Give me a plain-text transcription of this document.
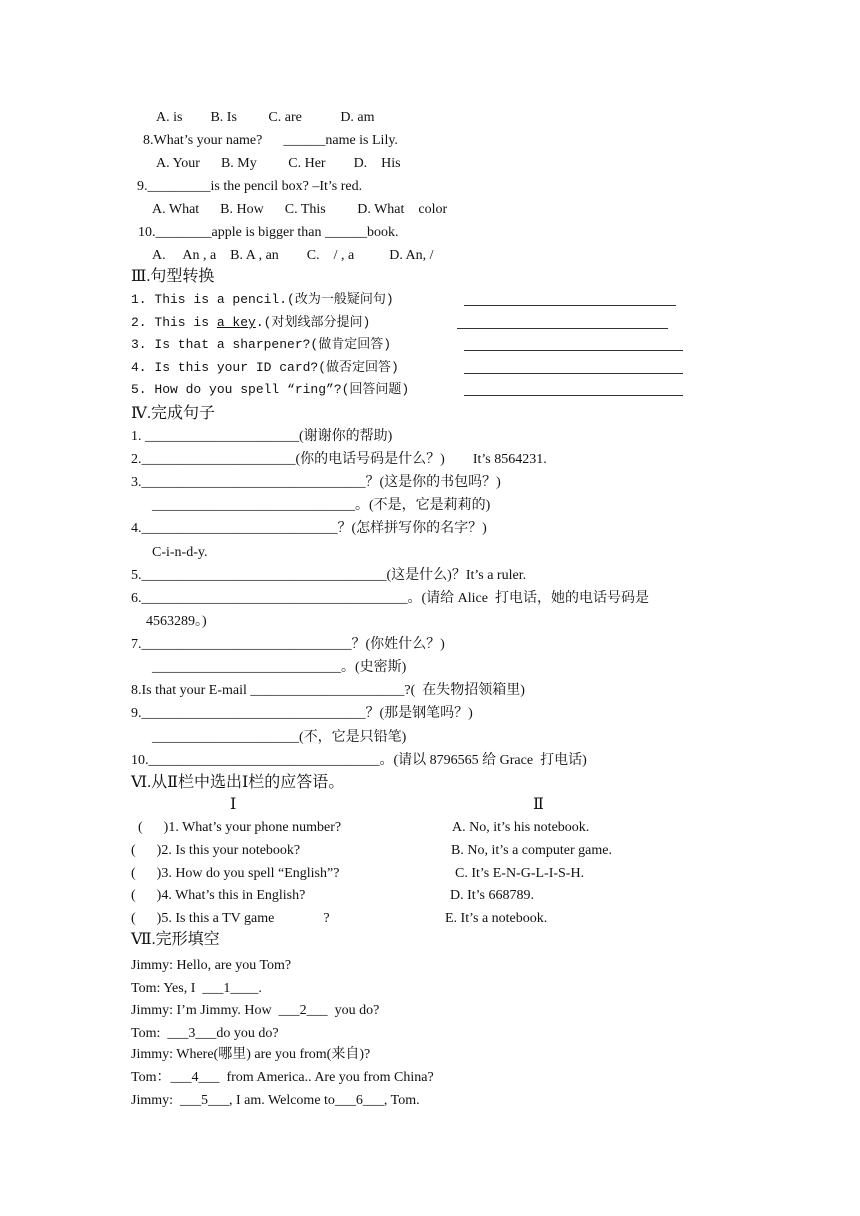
A. is        B. Is         C. are           D. am
8.What’s your name?      ______name is Lily.
A. Your      B. My         C. Her        D.    His
9._________is the pencil box? –It’s red.
A. What      B. How      C. This         D. What    color
10.________apple is bigger than ______book.
A.     An , a    B. A , an        C.    / , a          D. An, /
Ⅲ.句型转换
1. This is a pencil.(改为一般疑问句)
2. This is a key.(对划线部分提问)
3. Is that a sharpener?(做肯定回答)
4. Is this your ID card?(做否定回答)
5. How do you spell “ring”?(回答问题)
Ⅳ.完成句子
1. ______________________(谢谢你的帮助)
2.______________________(你的电话号码是什么？)        It’s 8564231.
3.________________________________？(这是你的书包吗？)
_____________________________。(不是，它是莉莉的)
4.____________________________？(怎样拼写你的名字？)
C-i-n-d-y.
5.___________________________________(这是什么)？It’s a ruler.
6.______________________________________。(请给 Alice  打电话，她的电话号码是
4563289。)
7.______________________________？(你姓什么？)
___________________________。(史密斯)
8.Is that your E-mail ______________________?(  在失物招领箱里)
9.________________________________？(那是钢笔吗？)
_____________________(不，它是只铅笔)
10._________________________________。(请以 8796565 给 Grace  打电话)
Ⅵ.从Ⅱ栏中选出Ⅰ栏的应答语。
Ⅰ	Ⅱ
(      )1. What’s your phone number?	A. No, it’s his notebook.
(      )2. Is this your notebook?	B. No, it’s a computer game.
(      )3. How do you spell “English”?	C. It’s E-N-G-L-I-S-H.
(      )4. What’s this in English?	D. It’s 668789.
(      )5. Is this a TV game              ?	E. It’s a notebook.
Ⅶ.完形填空
Jimmy: Hello, are you Tom?
Tom: Yes, I  ___1____.
Jimmy: I’m Jimmy. How  ___2___  you do?
Tom:  ___3___do you do?
Jimmy: Where(哪里) are you from(来自)?
Tom：___4___  from America.. Are you from China?
Jimmy:  ___5___, I am. Welcome to___6___, Tom.
